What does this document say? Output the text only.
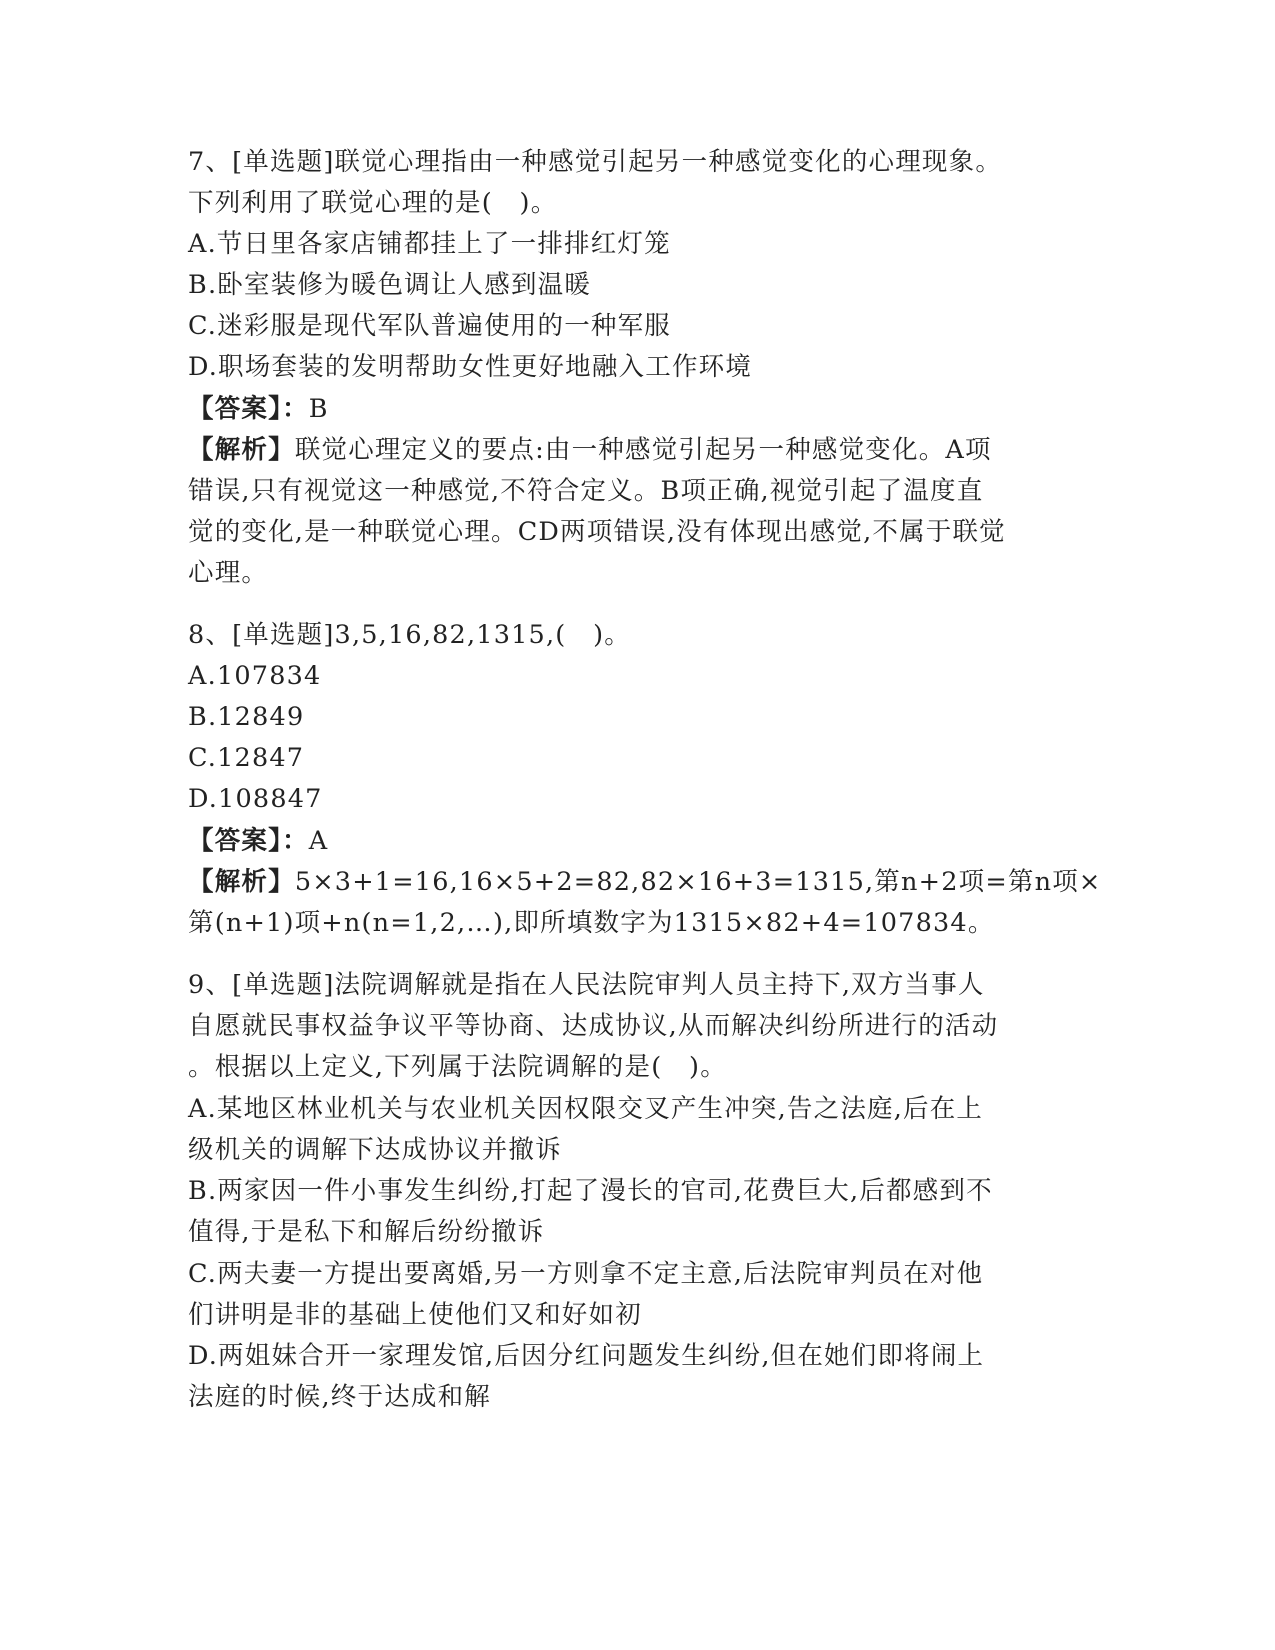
7、[单选题]联觉心理指由一种感觉引起另一种感觉变化的心理现象。
下列利用了联觉心理的是(　)。
A.节日里各家店铺都挂上了一排排红灯笼
B.卧室装修为暖色调让人感到温暖
C.迷彩服是现代军队普遍使用的一种军服
D.职场套装的发明帮助女性更好地融入工作环境
【答案】：B
【解析】联觉心理定义的要点:由一种感觉引起另一种感觉变化。A项
错误,只有视觉这一种感觉,不符合定义。B项正确,视觉引起了温度直
觉的变化,是一种联觉心理。CD两项错误,没有体现出感觉,不属于联觉
心理。
8、[单选题]3,5,16,82,1315,(　)。
A.107834
B.12849
C.12847
D.108847
【答案】：A
【解析】5×3+1=16,16×5+2=82,82×16+3=1315,第n+2项=第n项×
第(n+1)项+n(n=1,2,…),即所填数字为1315×82+4=107834。
9、[单选题]法院调解就是指在人民法院审判人员主持下,双方当事人
自愿就民事权益争议平等协商、达成协议,从而解决纠纷所进行的活动
。根据以上定义,下列属于法院调解的是(　)。
A.某地区林业机关与农业机关因权限交叉产生冲突,告之法庭,后在上
级机关的调解下达成协议并撤诉
B.两家因一件小事发生纠纷,打起了漫长的官司,花费巨大,后都感到不
值得,于是私下和解后纷纷撤诉
C.两夫妻一方提出要离婚,另一方则拿不定主意,后法院审判员在对他
们讲明是非的基础上使他们又和好如初
D.两姐妹合开一家理发馆,后因分红问题发生纠纷,但在她们即将闹上
法庭的时候,终于达成和解
